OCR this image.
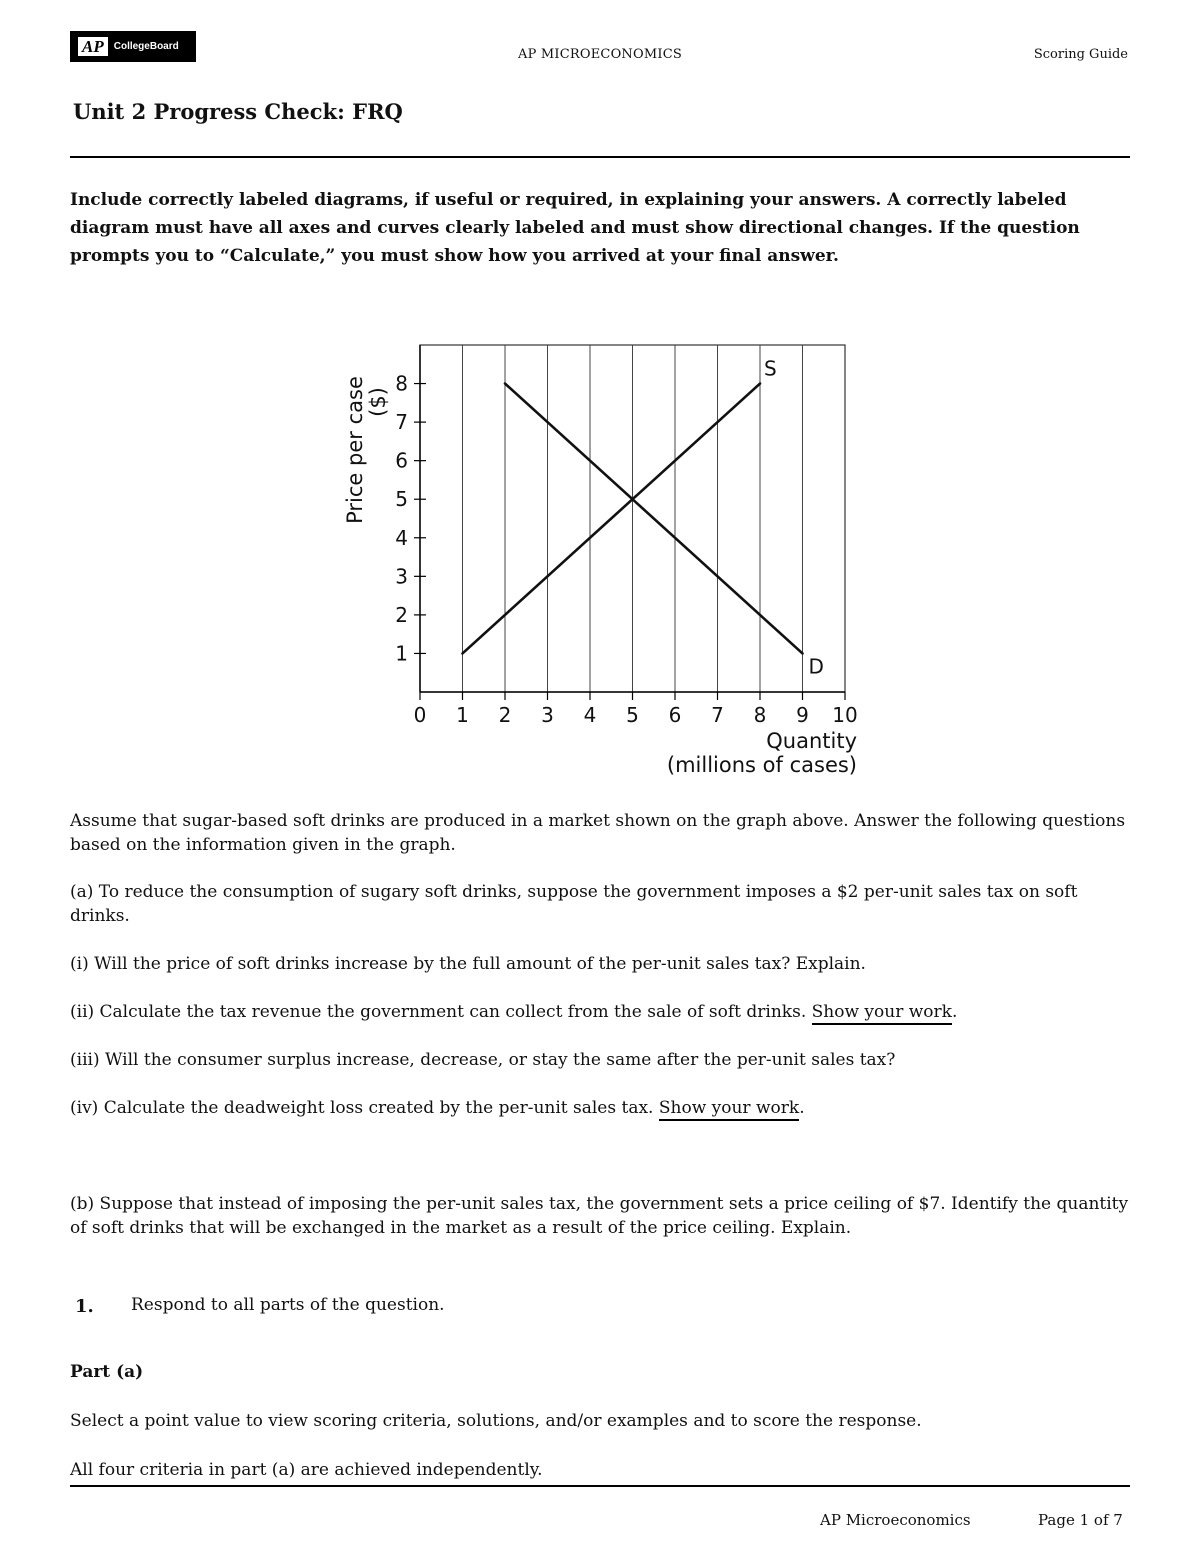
AP	CollegeBoard
AP MICROECONOMICS	Scoring Guide
Unit 2 Progress Check: FRQ
Include correctly labeled diagrams, if useful or required, in explaining your answers. A correctly labeled diagram must have all axes and curves clearly labeled and must show directional changes. If the question prompts you to “Calculate,” you must show how you arrived at your final answer.
1
2
3
4
5
6
7
8
0 1 2 3 4 5 6 7 8 9 10
S
D
Price per case ($)
Quantity
(millions of cases)
Assume that sugar-based soft drinks are produced in a market shown on the graph above. Answer the following questions based on the information given in the graph.
(a) To reduce the consumption of sugary soft drinks, suppose the government imposes a $2 per-unit sales tax on soft drinks.
(i) Will the price of soft drinks increase by the full amount of the per-unit sales tax? Explain.
(ii) Calculate the tax revenue the government can collect from the sale of soft drinks. Show your work.
(iii) Will the consumer surplus increase, decrease, or stay the same after the per-unit sales tax?
(iv) Calculate the deadweight loss created by the per-unit sales tax. Show your work.
(b) Suppose that instead of imposing the per-unit sales tax, the government sets a price ceiling of $7. Identify the quantity of soft drinks that will be exchanged in the market as a result of the price ceiling. Explain.
1. Respond to all parts of the question.
Part (a)
Select a point value to view scoring criteria, solutions, and/or examples and to score the response.
All four criteria in part (a) are achieved independently.
AP Microeconomics	Page 1 of 7
